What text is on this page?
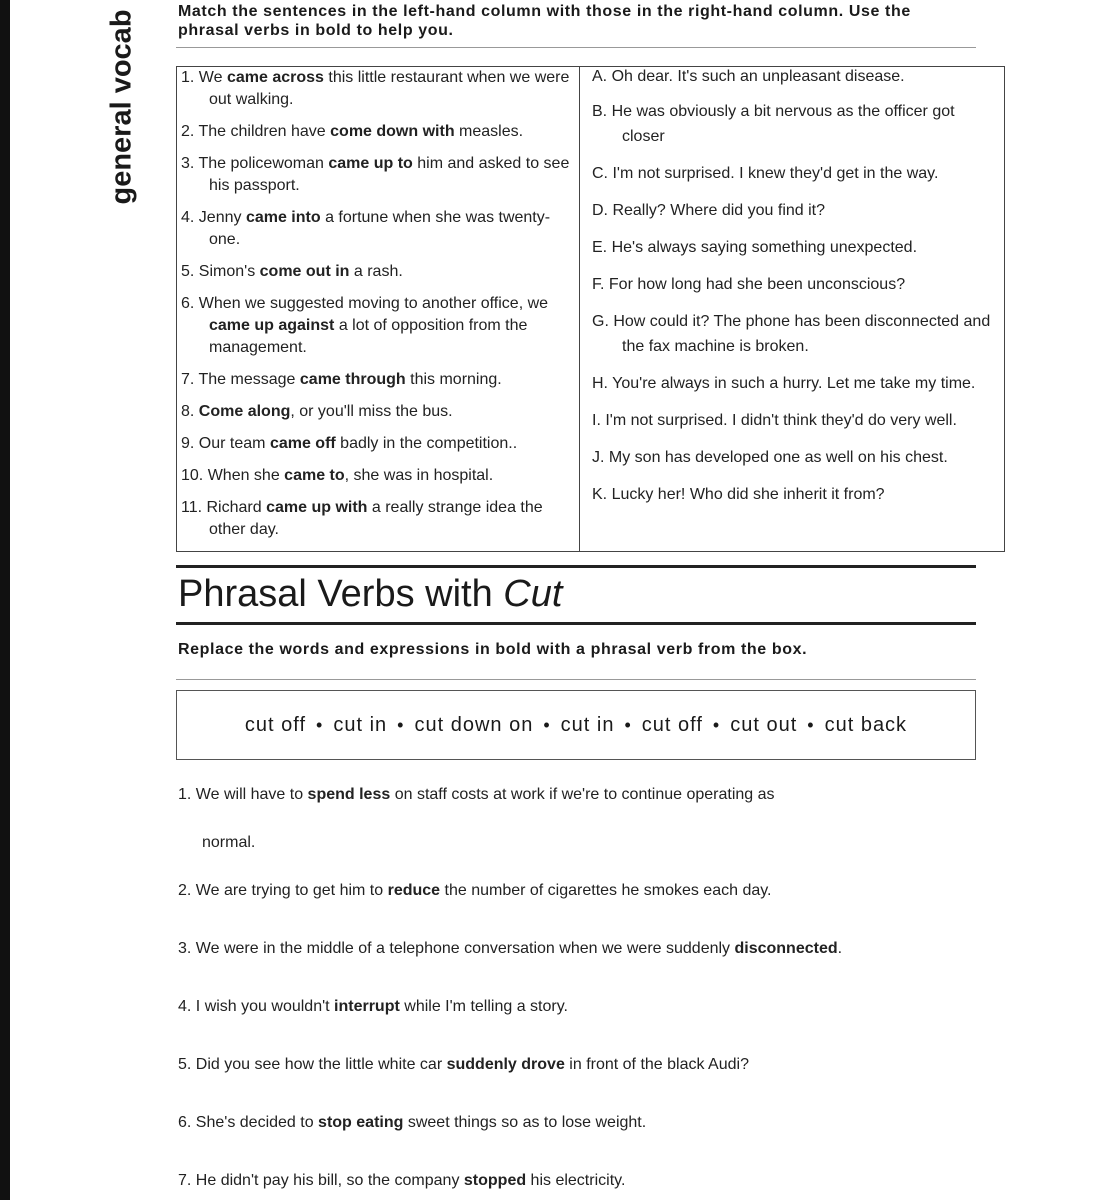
general vocab	Match the sentences in the left-hand column with those in the right-hand column. Use the phrasal verbs in bold to help you.
1. We came across this little restaurant when we were out walking.
2. The children have come down with measles.
3. The policewoman came up to him and asked to see his passport.
4. Jenny came into a fortune when she was twenty-one.
5. Simon's come out in a rash.
6. When we suggested moving to another office, we came up against a lot of opposition from the management.
7. The message came through this morning.
8. Come along, or you'll miss the bus.
9. Our team came off badly in the competition..
10. When she came to, she was in hospital.
11. Richard came up with a really strange idea the other day.

A. Oh dear. It's such an unpleasant disease.
B. He was obviously a bit nervous as the officer got closer
C. I'm not surprised. I knew they'd get in the way.
D. Really? Where did you find it?
E. He's always saying something unexpected.
F. For how long had she been unconscious?
G. How could it? The phone has been disconnected and the fax machine is broken.
H. You're always in such a hurry. Let me take my time.
I. I'm not surprised. I didn't think they'd do very well.
J. My son has developed one as well on his chest.
K. Lucky her! Who did she inherit it from?
Phrasal Verbs with Cut
Replace the words and expressions in bold with a phrasal verb from the box.
cut off • cut in • cut down on • cut in • cut off • cut out • cut back
1. We will have to spend less on staff costs at work if we're to continue operating as
normal.
2. We are trying to get him to reduce the number of cigarettes he smokes each day.
3. We were in the middle of a telephone conversation when we were suddenly disconnected.
4. I wish you wouldn't interrupt while I'm telling a story.
5. Did you see how the little white car suddenly drove in front of the black Audi?
6. She's decided to stop eating sweet things so as to lose weight.
7. He didn't pay his bill, so the company stopped his electricity.
